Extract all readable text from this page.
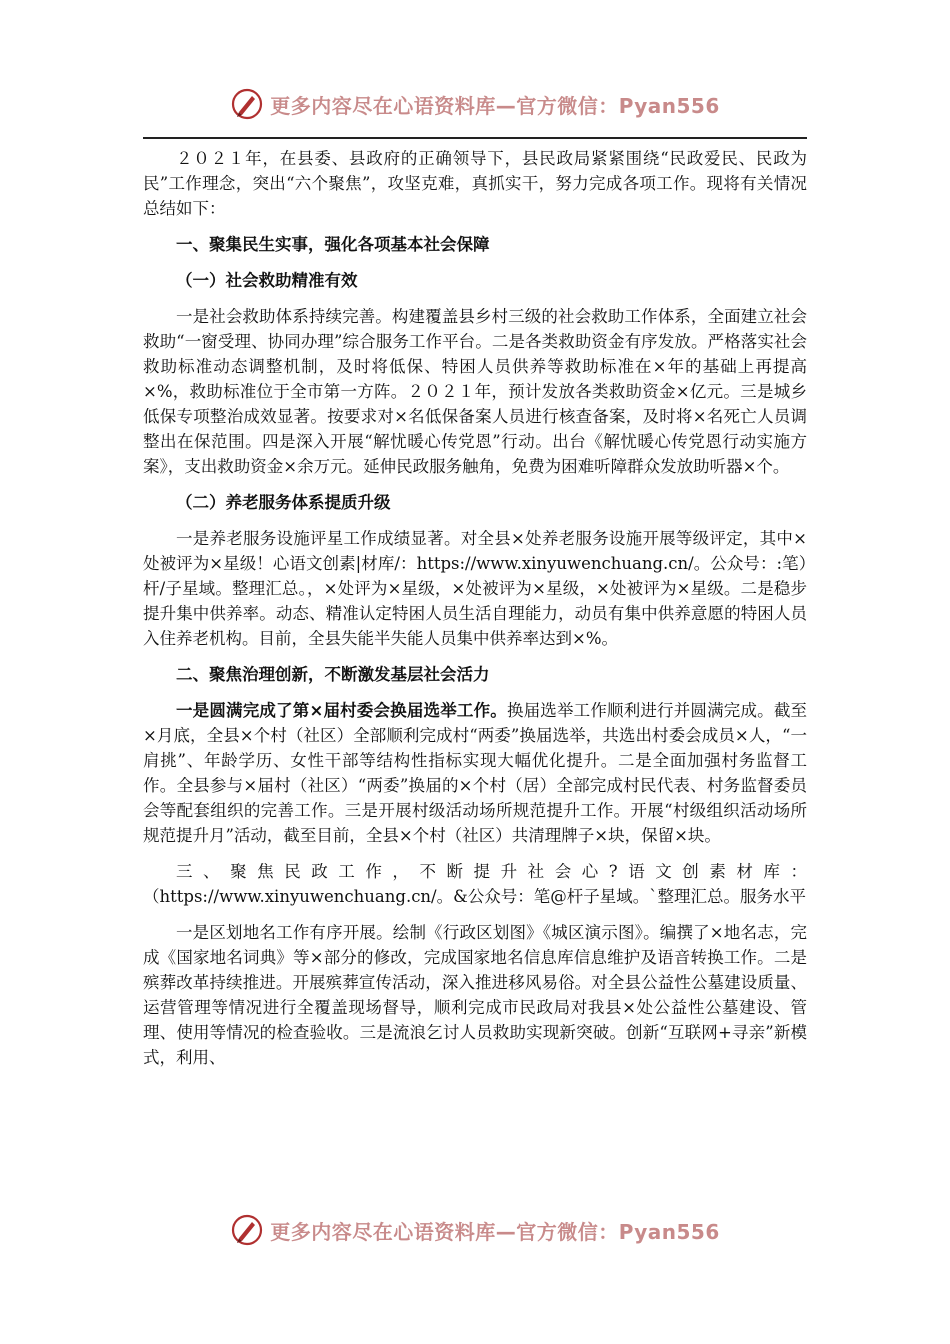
更多内容尽在心语资料库—官方微信：Pyan556

２０２１年，在县委、县政府的正确领导下，县民政局紧紧围绕“民政爱民、民政为民”工作理念，突出“六个聚焦”，攻坚克难，真抓实干，努力完成各项工作。现将有关情况总结如下：

一、聚集民生实事，强化各项基本社会保障

（一）社会救助精准有效

一是社会救助体系持续完善。构建覆盖县乡村三级的社会救助工作体系，全面建立社会救助“一窗受理、协同办理”综合服务工作平台。二是各类救助资金有序发放。严格落实社会救助标准动态调整机制，及时将低保、特困人员供养等救助标准在×年的基础上再提高×%，救助标准位于全市第一方阵。２０２１年，预计发放各类救助资金×亿元。三是城乡低保专项整治成效显著。按要求对×名低保备案人员进行核查备案，及时将×名死亡人员调整出在保范围。四是深入开展“解忧暖心传党恩”行动。出台《解忧暖心传党恩行动实施方案》，支出救助资金×余万元。延伸民政服务触角，免费为困难听障群众发放助听器×个。

（二）养老服务体系提质升级

一是养老服务设施评星工作成绩显著。对全县×处养老服务设施开展等级评定，其中×处被评为×星级！心语文创素|材库/：https://www.xinyuwenchuang.cn/。公众号：:笔）杆/子星域。整理汇总。，×处评为×星级，×处被评为×星级，×处被评为×星级。二是稳步提升集中供养率。动态、精准认定特困人员生活自理能力，动员有集中供养意愿的特困人员入住养老机构。目前，全县失能半失能人员集中供养率达到×%。

二、聚焦治理创新，不断激发基层社会活力

一是圆满完成了第×届村委会换届选举工作。换届选举工作顺利进行并圆满完成。截至×月底，全县×个村（社区）全部顺利完成村“两委”换届选举，共选出村委会成员×人，“一肩挑”、年龄学历、女性干部等结构性指标实现大幅优化提升。二是全面加强村务监督工作。全县参与×届村（社区）“两委”换届的×个村（居）全部完成村民代表、村务监督委员会等配套组织的完善工作。三是开展村级活动场所规范提升工作。开展“村级组织活动场所规范提升月”活动，截至目前，全县×个村（社区）共清理牌子×块，保留×块。

三、聚焦民政工作，不断提升社会心?语文创素材库：（https://www.xinyuwenchuang.cn/。&公众号：笔@杆子星域。`整理汇总。服务水平

一是区划地名工作有序开展。绘制《行政区划图》《城区演示图》。编撰了×地名志，完成《国家地名词典》等×部分的修改，完成国家地名信息库信息维护及语音转换工作。二是殡葬改革持续推进。开展殡葬宣传活动，深入推进移风易俗。对全县公益性公墓建设质量、运营管理等情况进行全覆盖现场督导，顺利完成市民政局对我县×处公益性公墓建设、管理、使用等情况的检查验收。三是流浪乞讨人员救助实现新突破。创新“互联网+寻亲”新模式，利用、

更多内容尽在心语资料库—官方微信：Pyan556
